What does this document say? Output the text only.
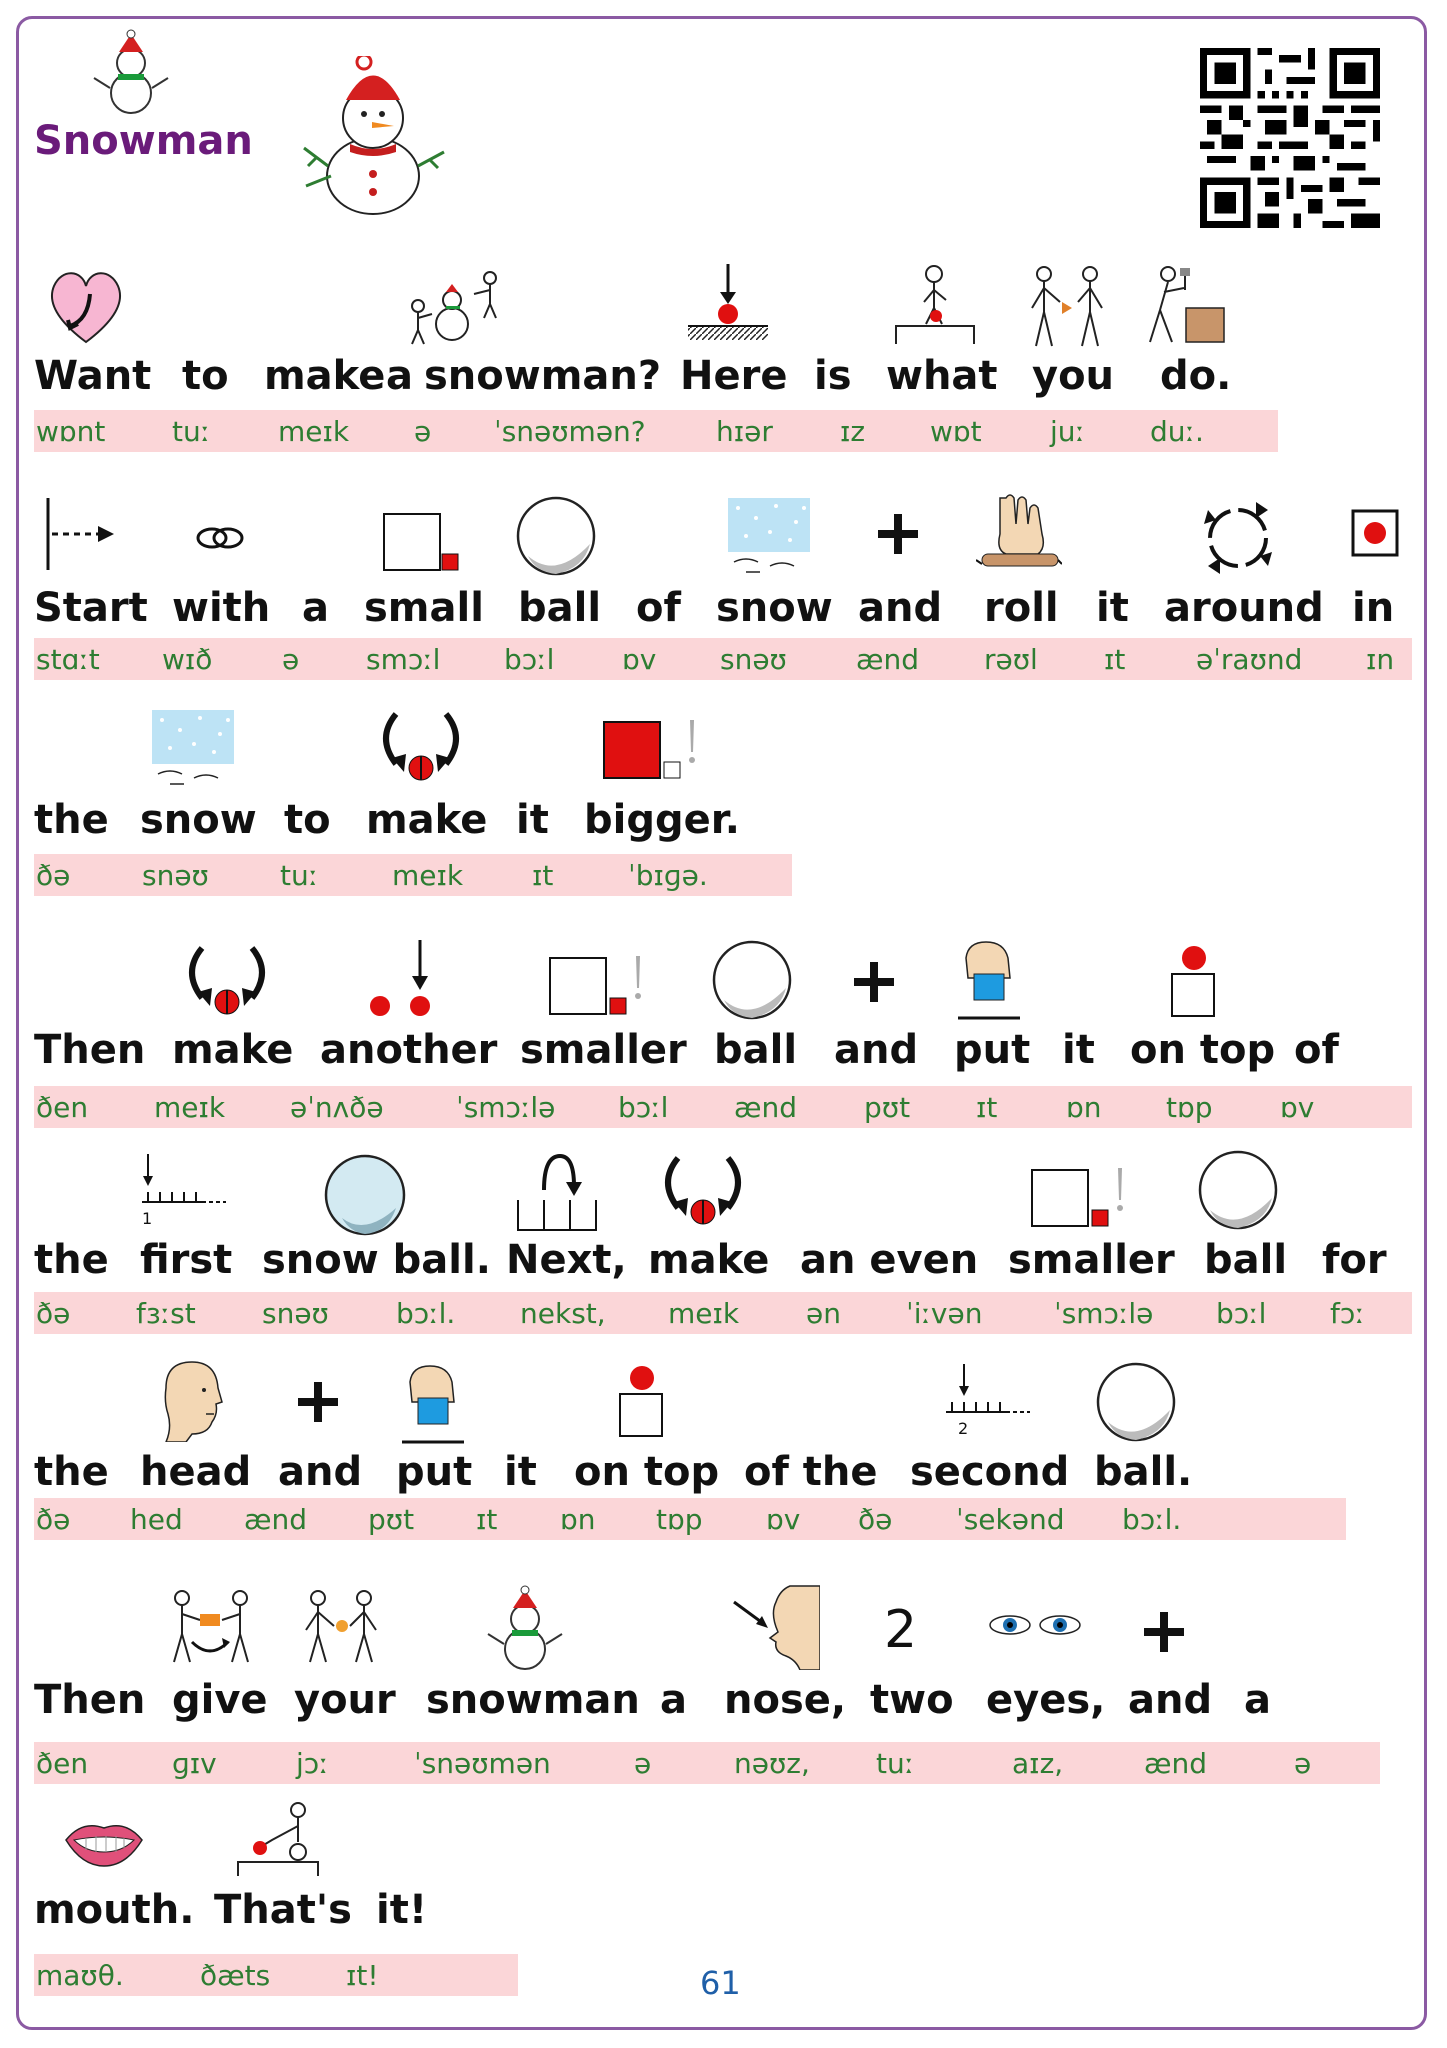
Snowman
Want to make a snowman? Here is what you do.
wɒnt tuː meɪk ə ˈsnəʊmən?	hɪər ɪz wɒt juː duː.
Start with a small ball of snow and roll it around in
stɑːt wɪð ə smɔːl bɔːl ɒv snəʊ ænd rəʊl ɪt	əˈraʊnd ɪn
the snow to make it bigger.
ðə	snəʊ	tuː	meɪk ɪt	ˈbɪɡə.
Then make another smaller ball and put it on top of
ðen meɪk əˈnʌðə	ˈsmɔːlə bɔːl ænd pʊt ɪt ɒn tɒp ɒv
1
the first snow ball. Next, make an even smaller ball for
ðə fɜːst snəʊ bɔːl. nekst, meɪk ən ˈiːvən	ˈsmɔːlə bɔːl fɔː
2
the head and put it on top of the second ball.
ðə hed ænd pʊt ɪt ɒn tɒp ɒv ðə ˈsekənd bɔːl.
2
Then give your snowman a nose, two eyes, and a
ðen	ɡɪv	jɔː	ˈsnəʊmən	ə	nəʊz, tuː	aɪz,	ænd	ə
mouth. That's it!
maʊθ.	ðæts	ɪt!	61
